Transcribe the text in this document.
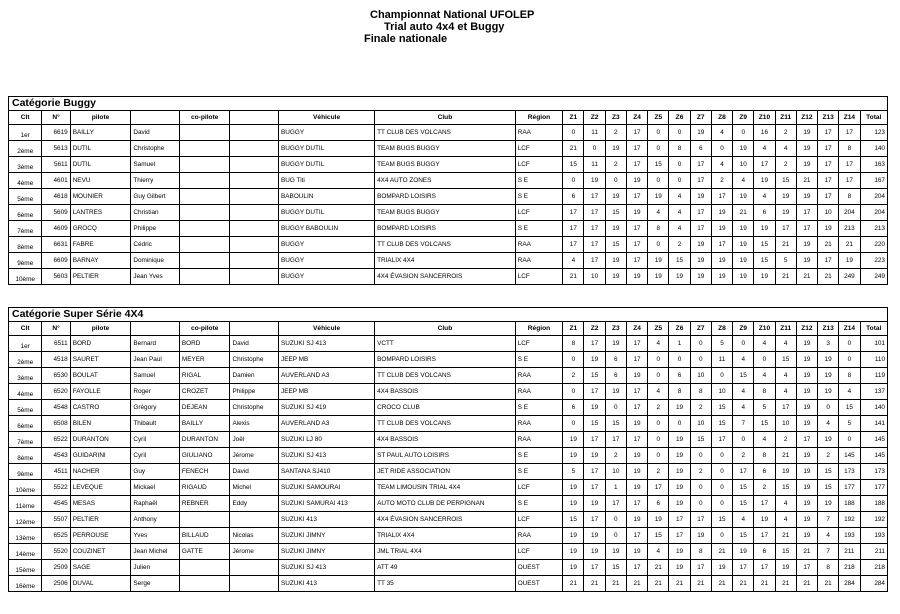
Championnat National UFOLEP
Trial auto 4x4 et Buggy
Finale nationale
Catégorie Buggy
Clt	N°	pilote		co-pilote		Véhicule	Club	Région	Z1	Z2	Z3	Z4	Z5	Z6	Z7	Z8	Z9	Z10	Z11	Z12	Z13	Z14	Total
1er	6619	BAILLY	David			BUGGY	TT CLUB DES VOLCANS	RAA	0	11	2	17	0	0	19	4	0	16	2	19	17	17	123
2ème	5613	DUTIL	Christophe			BUGGY DUTIL	TEAM BUGS BUGGY	LCF	21	0	19	17	0	8	6	0	19	4	4	19	17	8	140
3ème	5611	DUTIL	Samuel			BUGGY DUTIL	TEAM BUGS BUGGY	LCF	15	11	2	17	15	0	17	4	10	17	2	19	17	17	163
4ème	4601	NEVU	Thierry			BUG Titi	4X4 AUTO ZONES	S E	0	19	0	19	0	0	17	2	4	19	15	21	17	17	167
5ème	4618	MOUNIER	Guy Gilbert			BABOULIN	BOMPARD LOISIRS	S E	6	17	19	17	19	4	19	17	19	4	19	19	17	8	204
6ème	5609	LANTRES	Christian			BUGGY DUTIL	TEAM BUGS BUGGY	LCF	17	17	15	19	4	4	17	19	21	6	19	17	10	204	204
7ème	4609	GROCQ	Philippe			BUGGY BABOULIN	BOMPARD LOISIRS	S E	17	17	19	17	8	4	17	19	19	19	17	17	19	213	213
8ème	6631	FABRE	Cédric			BUGGY	TT CLUB DES VOLCANS	RAA	17	17	15	17	0	2	19	17	19	15	21	19	21	21	220
9ème	6609	BARNAY	Dominique			BUGGY	TRIALIX 4X4	RAA	4	17	19	17	19	15	19	19	19	15	5	19	17	19	223
10ème	5603	PELTIER	Jean Yves			BUGGY	4X4 ÉVASION SANCERROIS	LCF	21	10	19	19	19	19	19	19	19	19	21	21	21	249	249
Catégorie Super Série 4X4
Clt	N°	pilote		co-pilote		Véhicule	Club	Région	Z1	Z2	Z3	Z4	Z5	Z6	Z7	Z8	Z9	Z10	Z11	Z12	Z13	Z14	Total
1er	6511	BORD	Bernard	BORD	David	SUZUKI SJ 413	VCTT	LCF	8	17	19	17	4	1	0	5	0	4	4	19	3	0	101
2ème	4518	SAURET	Jean Paul	MEYER	Christophe	JEEP MB	BOMPARD LOISIRS	S E	0	19	6	17	0	0	0	11	4	0	15	19	19	0	110
3ème	6530	BOULAT	Samuel	RIGAL	Damien	AUVERLAND A3	TT CLUB DES VOLCANS	RAA	2	15	6	19	0	6	10	0	15	4	4	19	19	8	119
4ème	6520	FAYOLLE	Roger	CROZET	Philippe	JEEP MB	4X4 BASSOIS	RAA	0	17	19	17	4	8	8	10	4	8	4	19	19	4	137
5ème	4548	CASTRO	Grégory	DEJEAN	Christophe	SUZUKI SJ 419	CROCO CLUB	S E	6	19	0	17	2	19	2	15	4	5	17	19	0	15	140
6ème	6508	BILEN	Thibault	BAILLY	Alexis	AUVERLAND A3	TT CLUB DES VOLCANS	RAA	0	15	15	19	0	0	10	15	7	15	10	19	4	5	141
7ème	6522	DURANTON	Cyril	DURANTON	Joël	SUZUKI LJ 80	4X4 BASSOIS	RAA	19	17	17	17	0	19	15	17	0	4	2	17	19	0	145
8ème	4543	GUIDARINI	Cyril	GIULIANO	Jérome	SUZUKI SJ 413	ST PAUL AUTO LOISIRS	S E	19	19	2	19	0	19	0	0	2	8	21	19	2	145	145
9ème	4511	NACHER	Guy	FENECH	David	SANTANA SJ410	JET RIDE ASSOCIATION	S E	5	17	10	19	2	19	2	0	17	6	19	19	15	173	173
10ème	5522	LEVEQUE	Mickael	RIGAUD	Michel	SUZUKI SAMOURAI	TEAM LIMOUSIN TRIAL 4X4	LCF	19	17	1	19	17	19	0	0	15	2	15	19	15	177	177
11ème	4545	MESAS	Raphaël	REBNER	Eddy	SUZUKI SAMURAI 413	AUTO MOTO CLUB DE PERPIGNAN	S E	19	19	17	17	6	19	0	0	15	17	4	19	19	188	188
12ème	5507	PELTIER	Anthony			SUZUKI 413	4X4 ÉVASION SANCERROIS	LCF	15	17	0	19	19	17	17	15	4	19	4	19	7	192	192
13ème	6525	PERROUSE	Yves	BILLAUD	Nicolas	SUZUKI JIMNY	TRIALIX 4X4	RAA	19	19	0	17	15	17	19	0	15	17	21	19	4	193	193
14ème	5520	COUZINET	Jean Michel	GATTE	Jérome	SUZUKI JIMNY	JML TRIAL 4X4	LCF	19	19	19	19	4	19	8	21	19	6	15	21	7	211	211
15ème	2509	SAGE	Julien			SUZUKI SJ 413	ATT 49	OUEST	19	17	15	17	21	19	17	19	17	17	19	17	8	218	218
16ème	2506	DUVAL	Serge			SUZUKI 413	TT 35	OUEST	21	21	21	21	21	21	21	21	21	21	21	21	21	284	284
